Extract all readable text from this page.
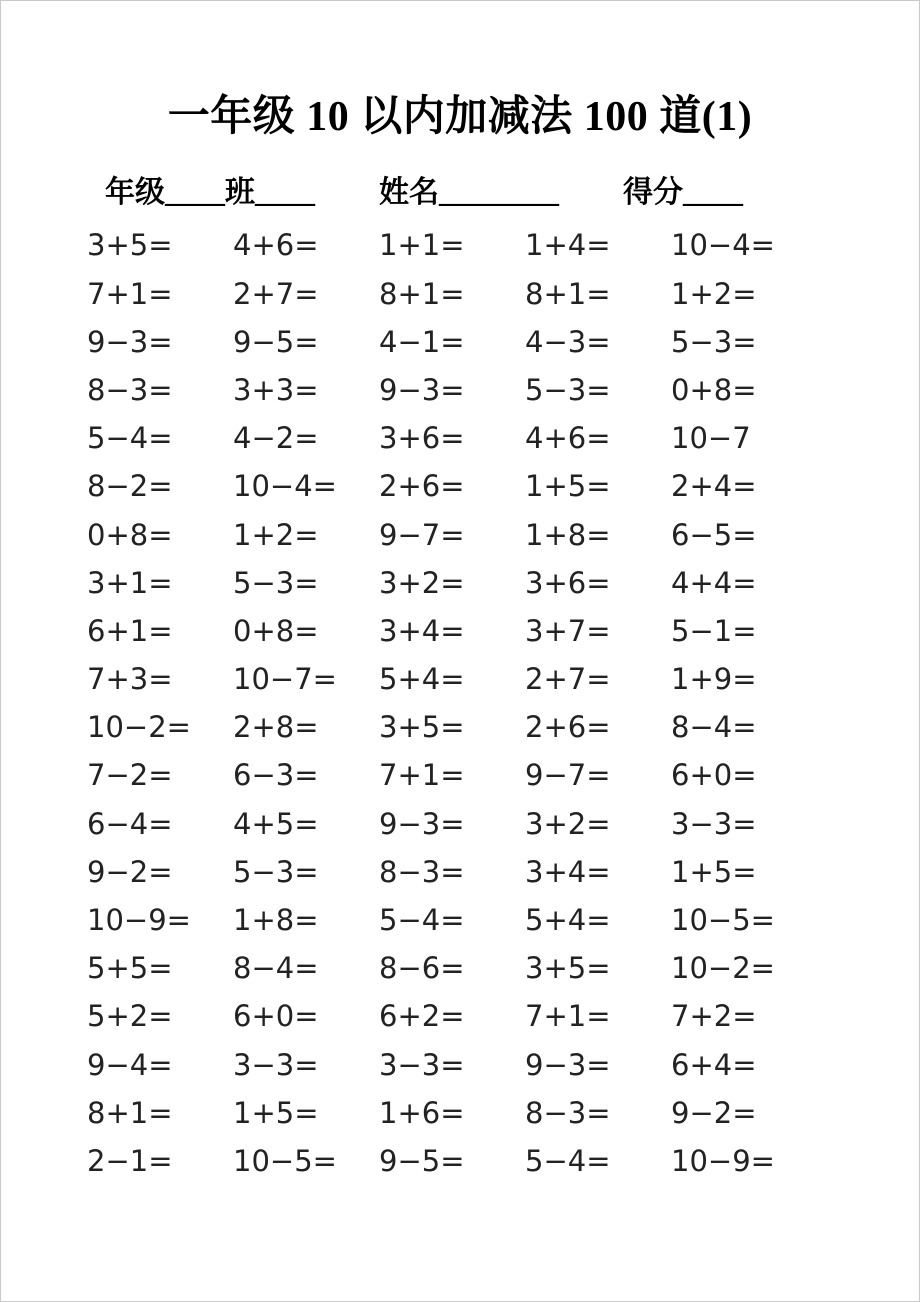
一年级 10 以内加减法 100 道(1)
年级____班____ 姓名________ 得分____
3+5=	4+6=	1+1=	1+4=	10−4=
7+1=	2+7=	8+1=	8+1=	1+2=
9−3=	9−5=	4−1=	4−3=	5−3=
8−3=	3+3=	9−3=	5−3=	0+8=
5−4=	4−2=	3+6=	4+6=	10−7
8−2=	10−4=	2+6=	1+5=	2+4=
0+8=	1+2=	9−7=	1+8=	6−5=
3+1=	5−3=	3+2=	3+6=	4+4=
6+1=	0+8=	3+4=	3+7=	5−1=
7+3=	10−7=	5+4=	2+7=	1+9=
10−2=	2+8=	3+5=	2+6=	8−4=
7−2=	6−3=	7+1=	9−7=	6+0=
6−4=	4+5=	9−3=	3+2=	3−3=
9−2=	5−3=	8−3=	3+4=	1+5=
10−9=	1+8=	5−4=	5+4=	10−5=
5+5=	8−4=	8−6=	3+5=	10−2=
5+2=	6+0=	6+2=	7+1=	7+2=
9−4=	3−3=	3−3=	9−3=	6+4=
8+1=	1+5=	1+6=	8−3=	9−2=
2−1=	10−5=	9−5=	5−4=	10−9=
